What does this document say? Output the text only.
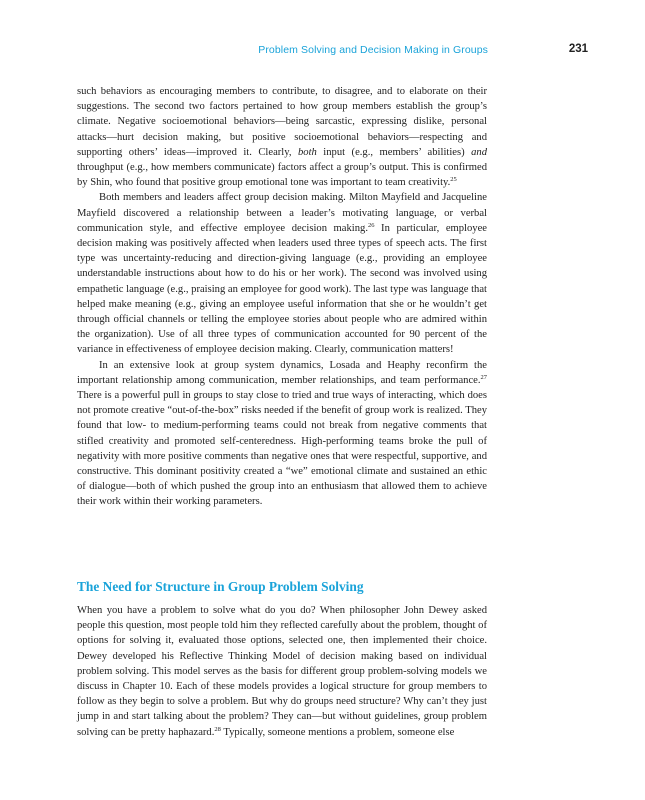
Problem Solving and Decision Making in Groups	231

such behaviors as encouraging members to contribute, to disagree, and to elaborate on their suggestions. The second two factors pertained to how group members establish the group’s climate. Negative socioemotional behaviors—being sarcastic, expressing dislike, personal attacks—hurt decision making, but positive socioemotional behaviors—respecting and supporting others’ ideas—improved it. Clearly, both input (e.g., members’ abilities) and throughput (e.g., how members communicate) factors affect a group’s output. This is confirmed by Shin, who found that positive group emotional tone was important to team creativity.$^{25}$

Both members and leaders affect group decision making. Milton Mayfield and Jacqueline Mayfield discovered a relationship between a leader’s motivating language, or verbal communication style, and effective employee decision making.$^{26}$ In particular, employee decision making was positively affected when leaders used three types of speech acts. The first type was uncertainty-reducing and direction-giving language (e.g., providing an employee understandable instructions about how to do his or her work). The second was involved using empathetic language (e.g., praising an employee for good work). The last type was language that helped make meaning (e.g., giving an employee useful information that she or he wouldn’t get through official channels or telling the employee stories about people who are admired within the organization). Use of all three types of communication accounted for 90 percent of the variance in effectiveness of employee decision making. Clearly, communication matters!

In an extensive look at group system dynamics, Losada and Heaphy reconfirm the important relationship among communication, member relationships, and team performance.$^{27}$ There is a powerful pull in groups to stay close to tried and true ways of interacting, which does not promote creative “out-of-the-box” risks needed if the benefit of group work is realized. They found that low- to medium-performing teams could not break from negative comments that stifled creativity and promoted self-centeredness. High-performing teams broke the pull of negativity with more positive comments than negative ones that were respectful, supportive, and constructive. This dominant positivity created a “we” emotional climate and sustained an ethic of dialogue—both of which pushed the group into an enthusiasm that allowed them to achieve their work within their working parameters.

The Need for Structure in Group Problem Solving

When you have a problem to solve what do you do? When philosopher John Dewey asked people this question, most people told him they reflected carefully about the problem, thought of options for solving it, evaluated those options, selected one, then implemented their choice. Dewey developed his Reflective Thinking Model of decision making based on individual problem solving. This model serves as the basis for different group problem-solving models we discuss in Chapter 10. Each of these models provides a logical structure for group members to follow as they begin to solve a problem. But why do groups need structure? Why can’t they just jump in and start talking about the problem? They can—but without guidelines, group problem solving can be pretty haphazard.$^{28}$ Typically, someone mentions a problem, someone else
